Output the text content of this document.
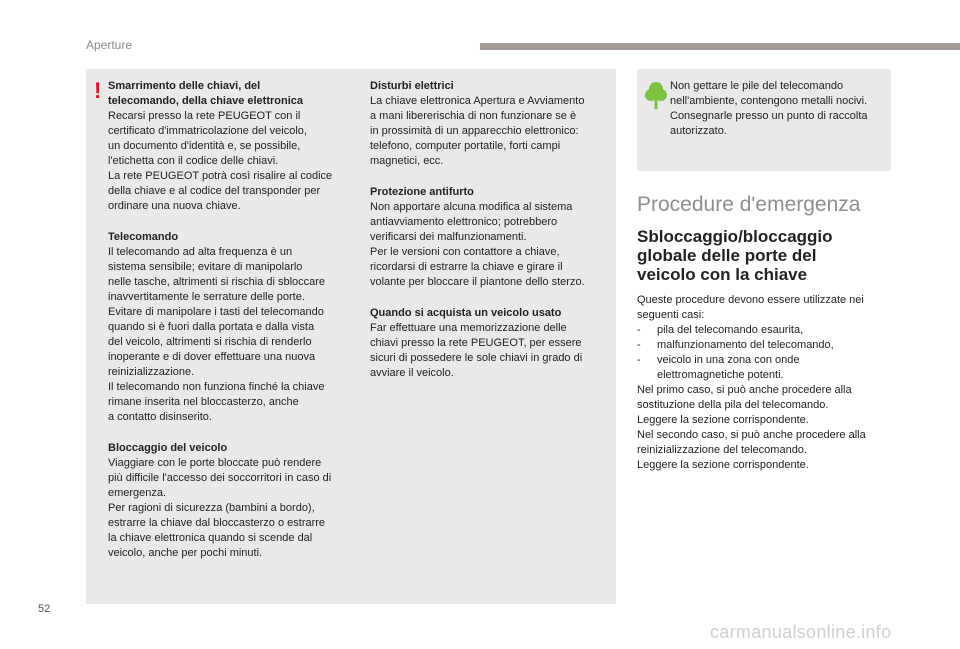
Aperture
! Smarrimento delle chiavi, del
telecomando, della chiave elettronica

Recarsi presso la rete PEUGEOT con il
certificato d'immatricolazione del veicolo,
un documento d'identità e, se possibile,
l'etichetta con il codice delle chiavi.
La rete PEUGEOT potrà così risalire al codice
della chiave e al codice del transponder per
ordinare una nuova chiave.

Telecomando

Il telecomando ad alta frequenza è un
sistema sensibile; evitare di manipolarlo
nelle tasche, altrimenti si rischia di sbloccare
inavvertitamente le serrature delle porte.
Evitare di manipolare i tasti del telecomando
quando si è fuori dalla portata e dalla vista
del veicolo, altrimenti si rischia di renderlo
inoperante e di dover effettuare una nuova
reinizializzazione.
Il telecomando non funziona finché la chiave
rimane inserita nel bloccasterzo, anche
a contatto disinserito.

Bloccaggio del veicolo

Viaggiare con le porte bloccate può rendere
più difficile l'accesso dei soccorritori in caso di
emergenza.
Per ragioni di sicurezza (bambini a bordo),
estrarre la chiave dal bloccasterzo o estrarre
la chiave elettronica quando si scende dal
veicolo, anche per pochi minuti.

Disturbi elettrici

La chiave elettronica Apertura e Avviamento
a mani libererischia di non funzionare se è
in prossimità di un apparecchio elettronico:
telefono, computer portatile, forti campi
magnetici, ecc.

Protezione antifurto

Non apportare alcuna modifica al sistema
antiavviamento elettronico; potrebbero
verificarsi dei malfunzionamenti.
Per le versioni con contattore a chiave,
ricordarsi di estrarre la chiave e girare il
volante per bloccare il piantone dello sterzo.

Quando si acquista un veicolo usato

Far effettuare una memorizzazione delle
chiavi presso la rete PEUGEOT, per essere
sicuri di possedere le sole chiavi in grado di
avviare il veicolo.

Non gettare le pile del telecomando
nell'ambiente, contengono metalli nocivi.
Consegnarle presso un punto di raccolta
autorizzato.
Procedure d'emergenza
Sbloccaggio/bloccaggio
globale delle porte del
veicolo con la chiave

Queste procedure devono essere utilizzate nei
seguenti casi:

- pila del telecomando esaurita,
- malfunzionamento del telecomando,
- veicolo in una zona con onde
elettromagnetiche potenti.

Nel primo caso, si può anche procedere alla
sostituzione della pila del telecomando.
Leggere la sezione corrispondente.
Nel secondo caso, si può anche procedere alla
reinizializzazione del telecomando.
Leggere la sezione corrispondente.

52
carmanualsonline.info
